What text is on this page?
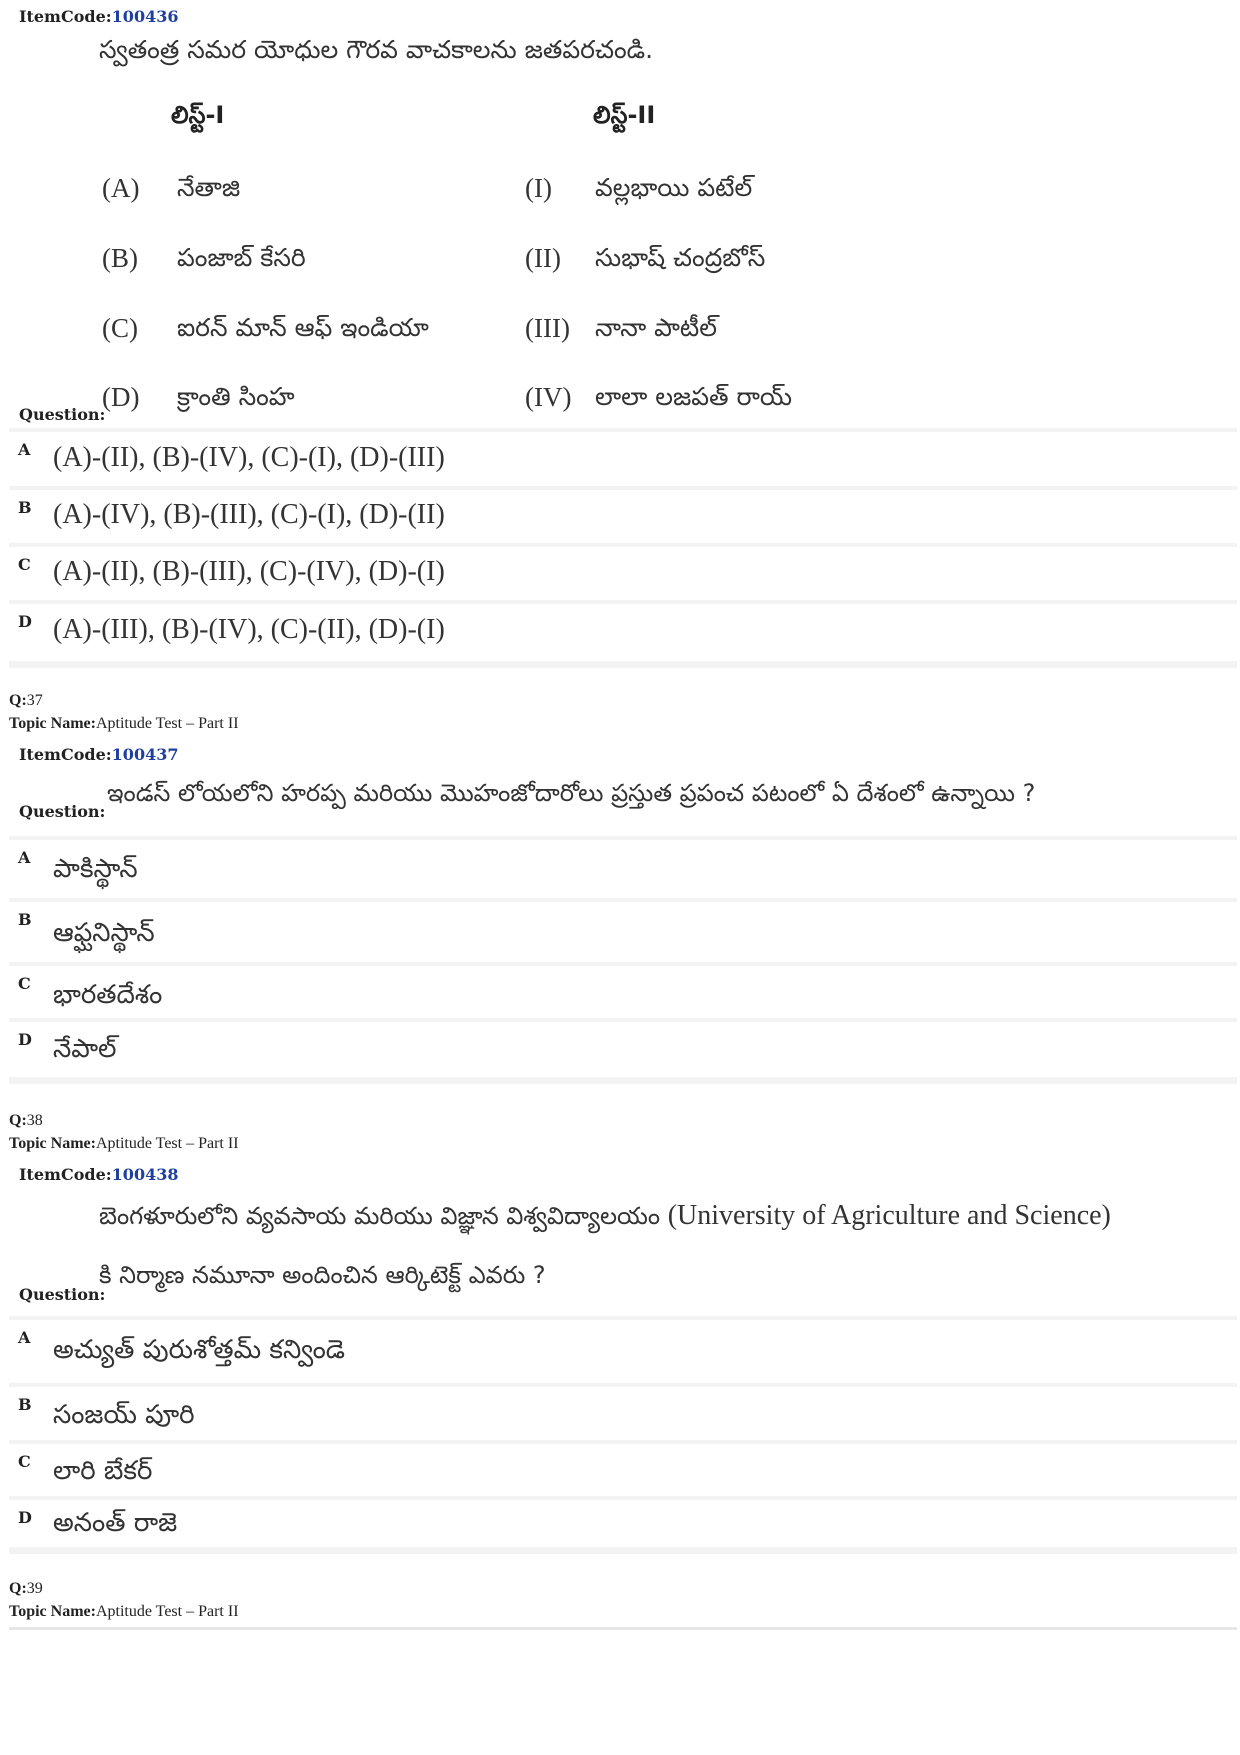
ItemCode:100436
స్వతంత్ర సమర యోధుల గౌరవ వాచకాలను జతపరచండి.
లిస్ట్-I	లిస్ట్-II
(A) నేతాజి	(I) వల్లభాయి పటేల్
(B) పంజాబ్ కేసరి	(II) సుభాష్ చంద్రబోస్
(C) ఐరన్ మాన్ ఆఫ్ ఇండియా	(III) నానా పాటీల్
Question:
(D) క్రాంతి సింహ	(IV) లాలా లజపత్ రాయ్
A (A)-(II), (B)-(IV), (C)-(I), (D)-(III)
B (A)-(IV), (B)-(III), (C)-(I), (D)-(II)
C (A)-(II), (B)-(III), (C)-(IV), (D)-(I)
D (A)-(III), (B)-(IV), (C)-(II), (D)-(I)
Q:37
Topic Name:Aptitude Test – Part II
ItemCode:100437
Question:
ఇండస్ లోయలోని హరప్ప మరియు మొహంజోదారోలు ప్రస్తుత ప్రపంచ పటంలో ఏ దేశంలో ఉన్నాయి ?
A పాకిస్థాన్
B ఆఫ్ఘనిస్థాన్
C భారతదేశం
D నేపాల్
Q:38
Topic Name:Aptitude Test – Part II
ItemCode:100438
బెంగళూరులోని వ్యవసాయ మరియు విజ్ఞాన విశ్వవిద్యాలయం (University of Agriculture and Science)
కి నిర్మాణ నమూనా అందించిన ఆర్కిటెక్ట్ ఎవరు ?
Question:
A అచ్యుత్ పురుశోత్తమ్ కన్విండె
B సంజయ్ పూరి
C లారి బేకర్
D అనంత్ రాజె
Q:39
Topic Name:Aptitude Test – Part II
